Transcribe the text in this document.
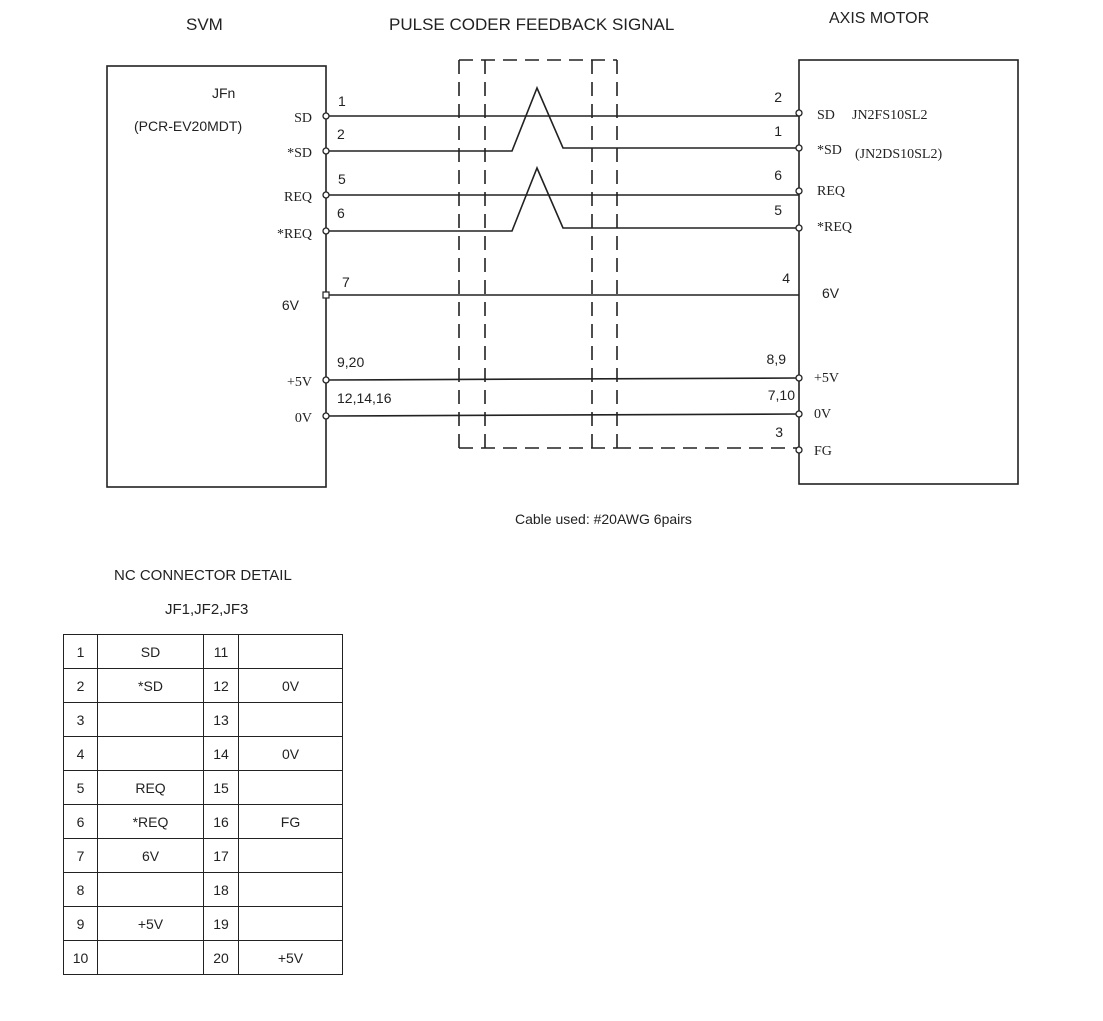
SVM	PULSE CODER FEEDBACK SIGNAL	AXIS MOTOR
JFn
(PCR-EV20MDT)
JN2FS10SL2
(JN2DS10SL2)
SD
1	2
SD
*SD
2	1
*SD
REQ
5	6
REQ
*REQ
6	5
*REQ
6V
7	4
6V
+5V
9,20	8,9
+5V
0V
12,14,16	7,10
0V
3
FG
Cable used: #20AWG 6pairs
NC CONNECTOR DETAIL
JF1,JF2,JF3
1	SD	11	
2	*SD	12	0V
3		13	
4		14	0V
5	REQ	15	
6	*REQ	16	FG
7	6V	17	
8		18	
9	+5V	19	
10		20	+5V
